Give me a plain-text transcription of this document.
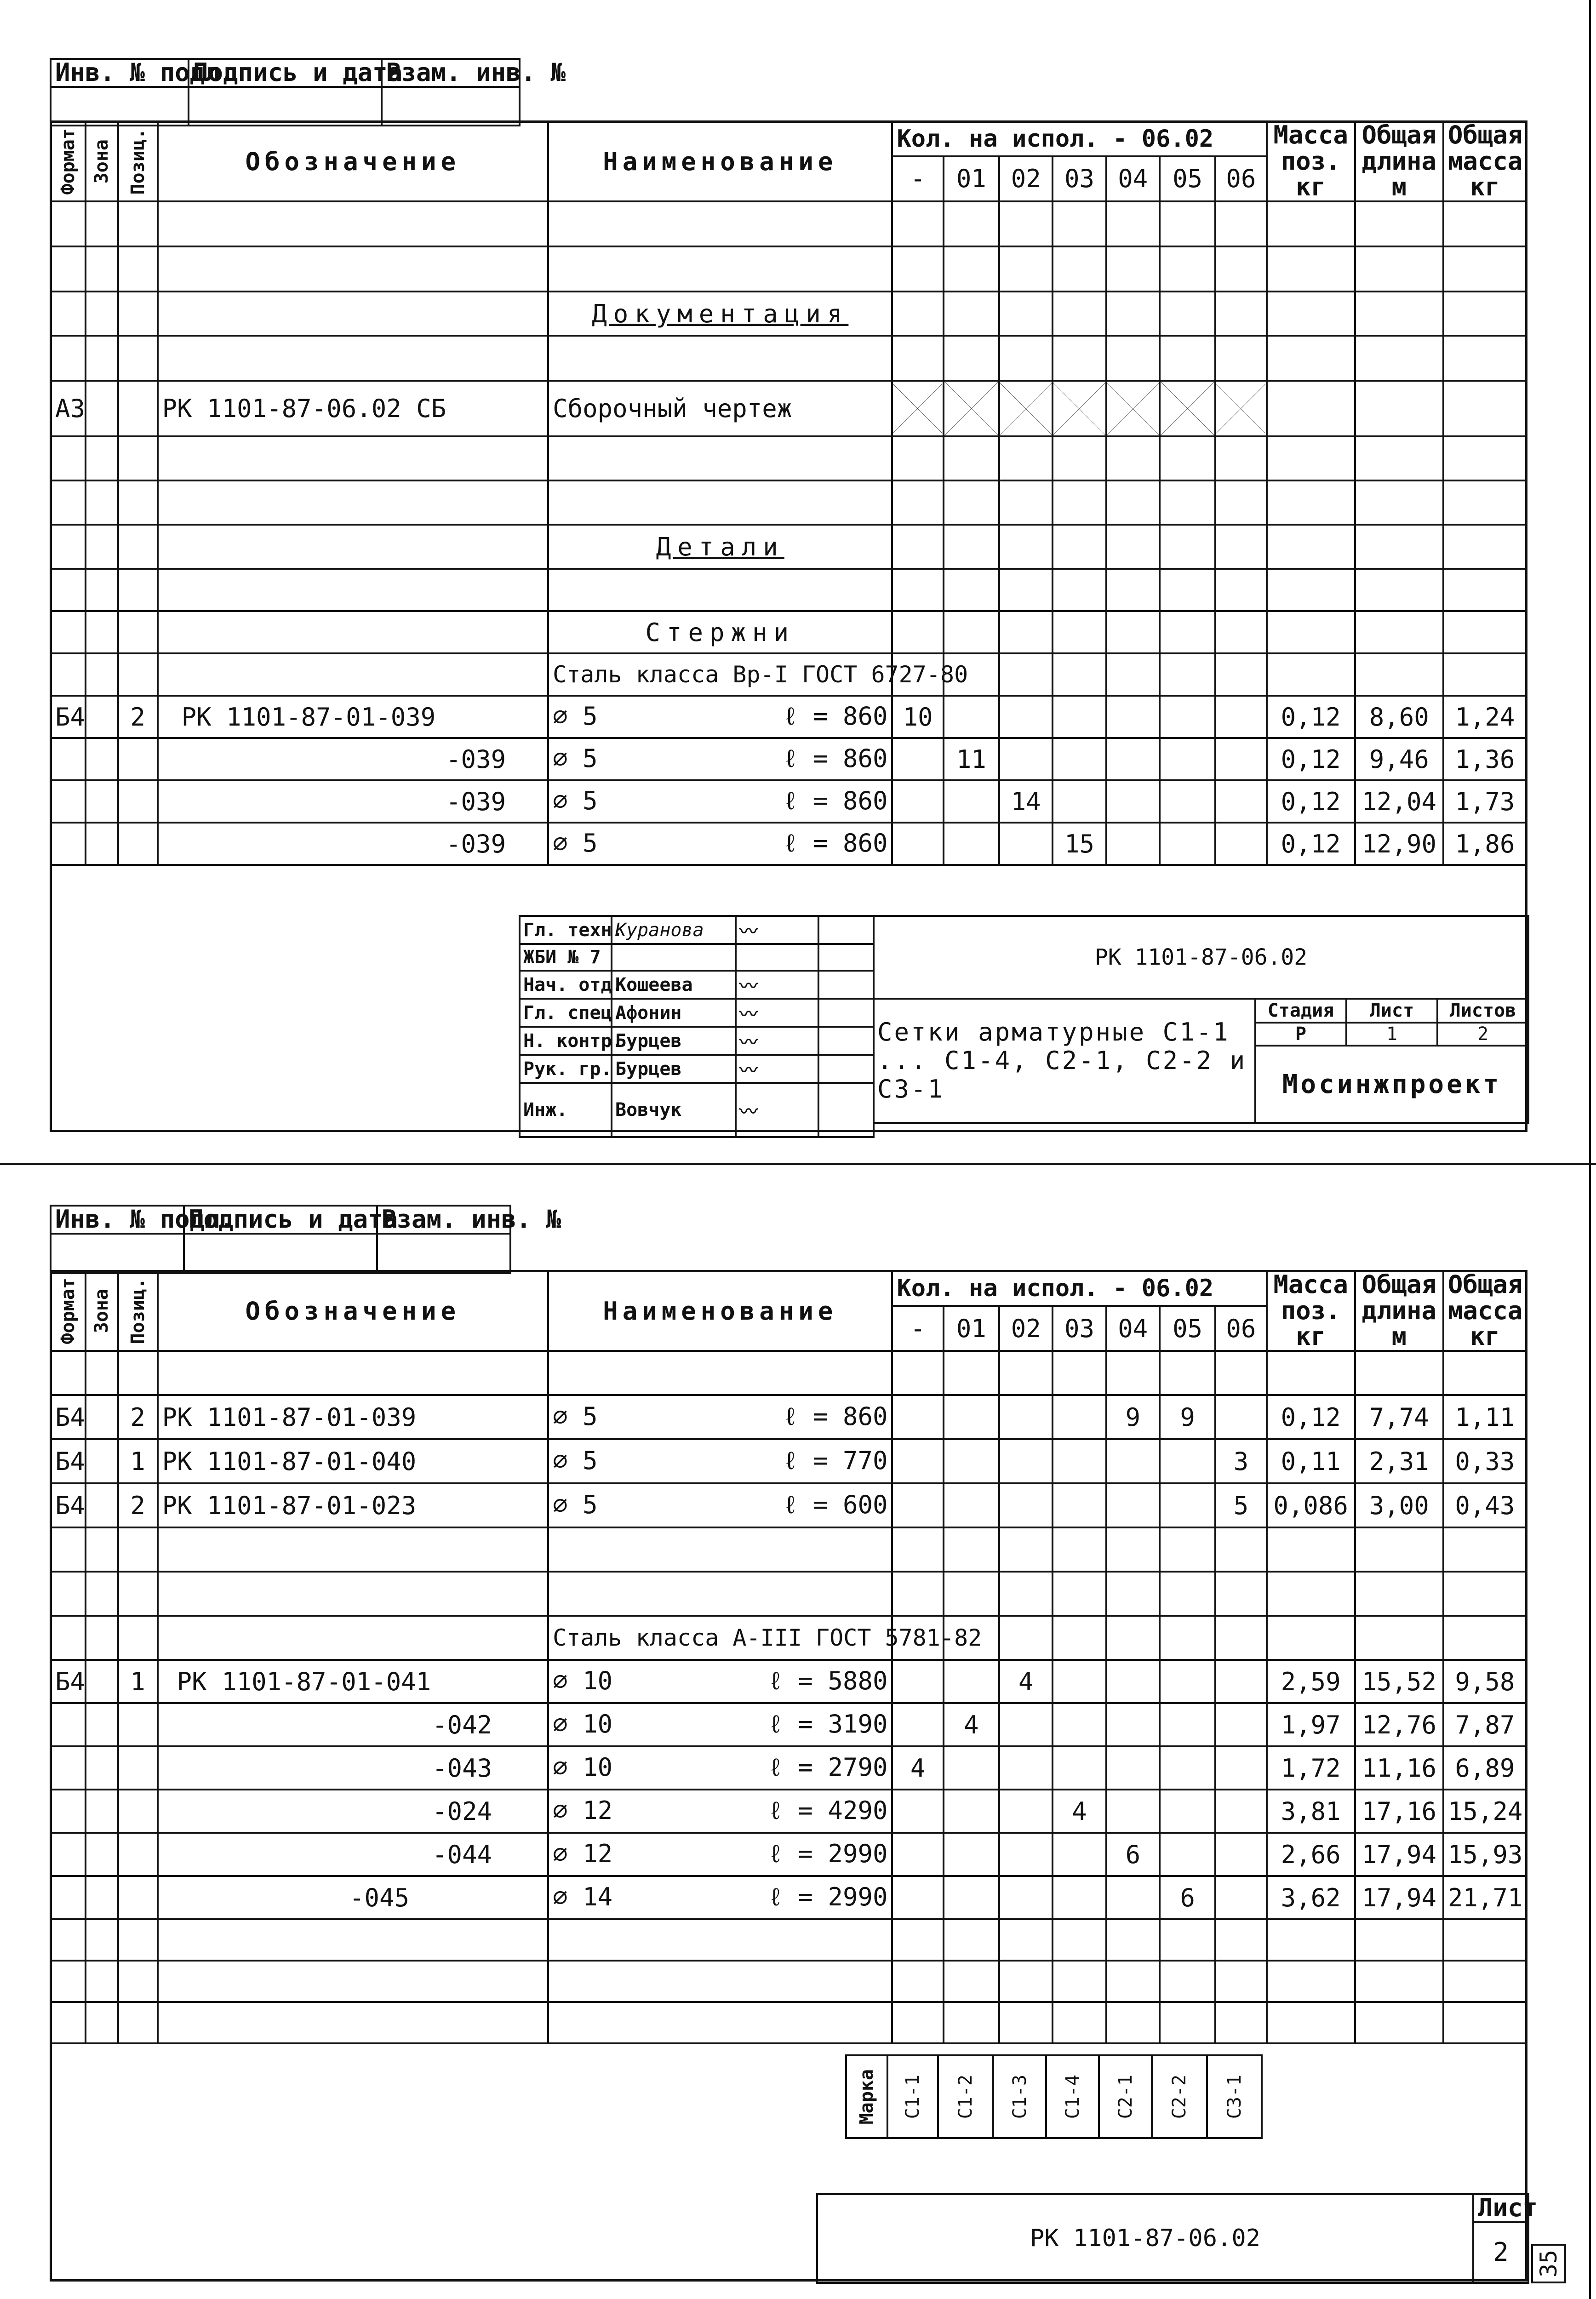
Инв. № подл.	Подпись и дата	Взам. инв. №

Формат	Зона	Позиц.	Обозначение	Наименование	Кол. на испол. - 06.02							Масса поз. кг	Общая длина м	Общая масса кг
					-	01	02	03	04	05	06			

				Документация										

А3			РК 1101-87-06.02 СБ	Сборочный чертеж	

				Детали										

				Стержни										
				Сталь класса Вр-I ГОСТ 6727-80										
Б4		2	РК 1101-87-01-039	⌀ 5 ℓ = 860	10							0,12	8,60	1,24
			-039	⌀ 5 ℓ = 860		11						0,12	9,46	1,36
			-039	⌀ 5 ℓ = 860			14					0,12	12,04	1,73
			-039	⌀ 5 ℓ = 860				15				0,12	12,90	1,86
Гл. техн.	Куранова	〰	
ЖБИ № 7			
Нач. отд.	Кошеева	〰	
Гл. спец.	Афонин	〰	
Н. контр.	Бурцев	〰	
Рук. гр.	Бурцев	〰	
Инж.	Вовчук	〰	
РК 1101-87-06.02			
Сетки арматурные С1-1 ... С1-4, С2-1, С2-2 и С3-1	Стадия	Лист	Листов
	Р	1	2
	Мосинжпроект		
Инв. № подл.	Подпись и дата	Взам. инв. №

Формат	Зона	Позиц.	Обозначение	Наименование	Кол. на испол. - 06.02							Масса поз. кг	Общая длина м	Общая масса кг
					-	01	02	03	04	05	06			

Б4		2	РК 1101-87-01-039	⌀ 5 ℓ = 860					9	9		0,12	7,74	1,11
Б4		1	РК 1101-87-01-040	⌀ 5 ℓ = 770							3	0,11	2,31	0,33
Б4		2	РК 1101-87-01-023	⌀ 5 ℓ = 600							5	0,086	3,00	0,43

				Сталь класса А-III ГОСТ 5781-82										
Б4		1	РК 1101-87-01-041	⌀ 10 ℓ = 5880			4					2,59	15,52	9,58
			-042	⌀ 10 ℓ = 3190		4						1,97	12,76	7,87
			-043	⌀ 10 ℓ = 2790	4							1,72	11,16	6,89
			-024	⌀ 12 ℓ = 4290				4				3,81	17,16	15,24
			-044	⌀ 12 ℓ = 2990					6			2,66	17,94	15,93
			-045	⌀ 14 ℓ = 2990						6		3,62	17,94	21,71

Марка	С1-1	С1-2	С1-3	С1-4	С2-1	С2-2	С3-1
РК 1101-87-06.02	Лист
2 35
